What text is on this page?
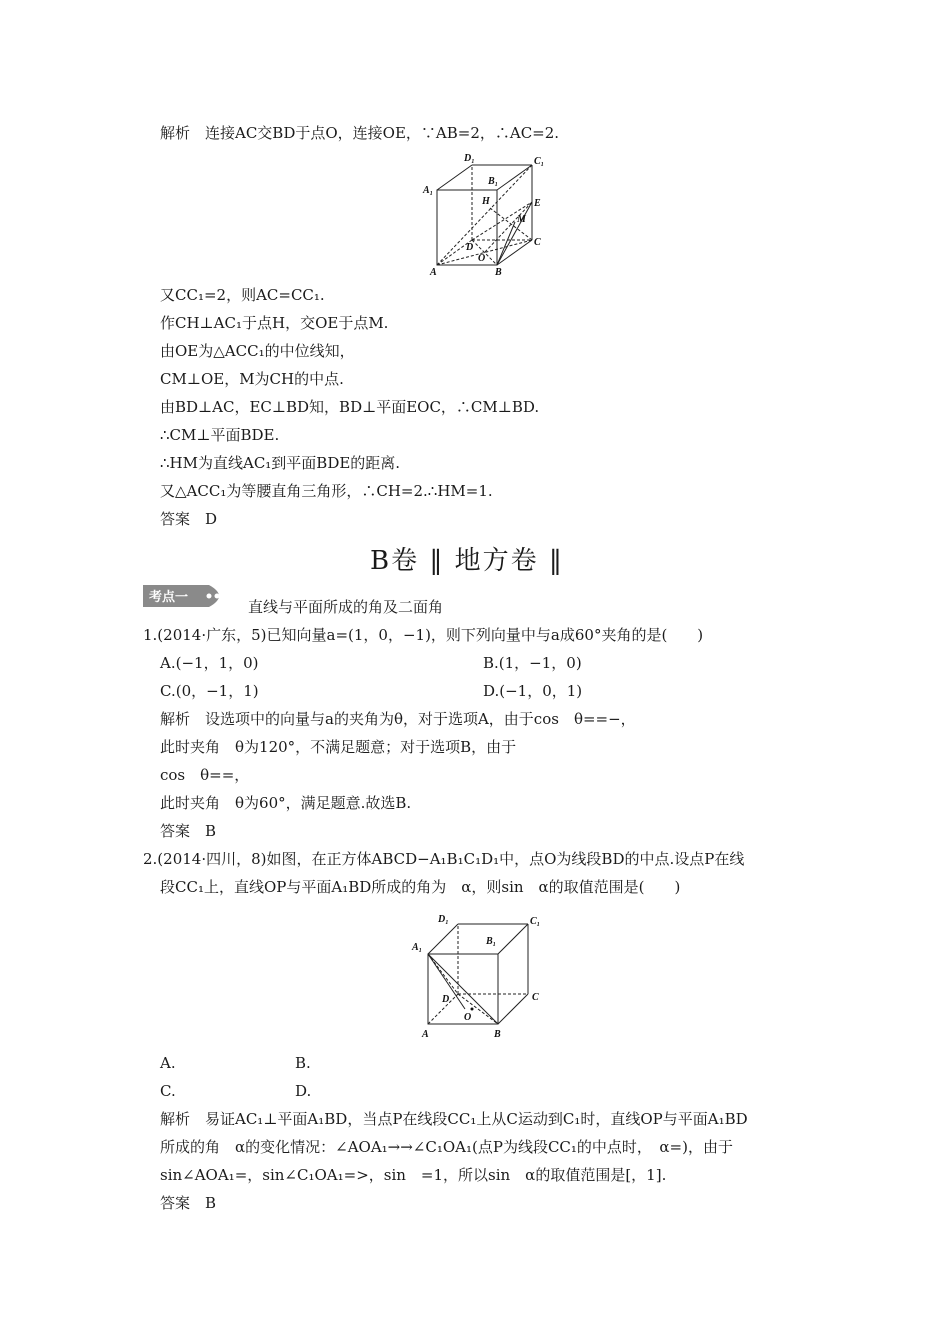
解析　连接AC交BD于点O，连接OE，∵AB=2，∴AC=2.
D₁	C₁
A₁
B₁
H	E
M
D	C
O
A	B
又CC₁=2，则AC=CC₁.
作CH⊥AC₁于点H，交OE于点M.
由OE为△ACC₁的中位线知，
CM⊥OE，M为CH的中点.
由BD⊥AC，EC⊥BD知，BD⊥平面EOC，∴CM⊥BD.
∴CM⊥平面BDE.
∴HM为直线AC₁到平面BDE的距离.
又△ACC₁为等腰直角三角形，∴CH=2.∴HM=1.
答案　D
B卷 ‖ 地方卷 ‖
考点一
直线与平面所成的角及二面角
1.(2014·广东，5)已知向量a=(1，0，−1)，则下列向量中与a成60°夹角的是(　　)
A.(−1，1，0)	B.(1，−1，0)
C.(0，−1，1)	D.(−1，0，1)
解析　设选项中的向量与a的夹角为θ，对于选项A，由于cos　θ==−，
此时夹角　θ为120°，不满足题意；对于选项B，由于
cos　θ==，
此时夹角　θ为60°，满足题意.故选B.
答案　B
2.(2014·四川，8)如图，在正方体ABCD−A₁B₁C₁D₁中，点O为线段BD的中点.设点P在线
段CC₁上，直线OP与平面A₁BD所成的角为　α，则sin　α的取值范围是(　　)
D₁	C₁
A₁
B₁
C
D
O
A	B
A.	B.
C.	D.
解析　易证AC₁⊥平面A₁BD，当点P在线段CC₁上从C运动到C₁时，直线OP与平面A₁BD
所成的角　α的变化情况：∠AOA₁→→∠C₁OA₁(点P为线段CC₁的中点时，　α=)，由于
sin∠AOA₁=，sin∠C₁OA₁=>，sin　=1，所以sin　α的取值范围是[，1].
答案　B
